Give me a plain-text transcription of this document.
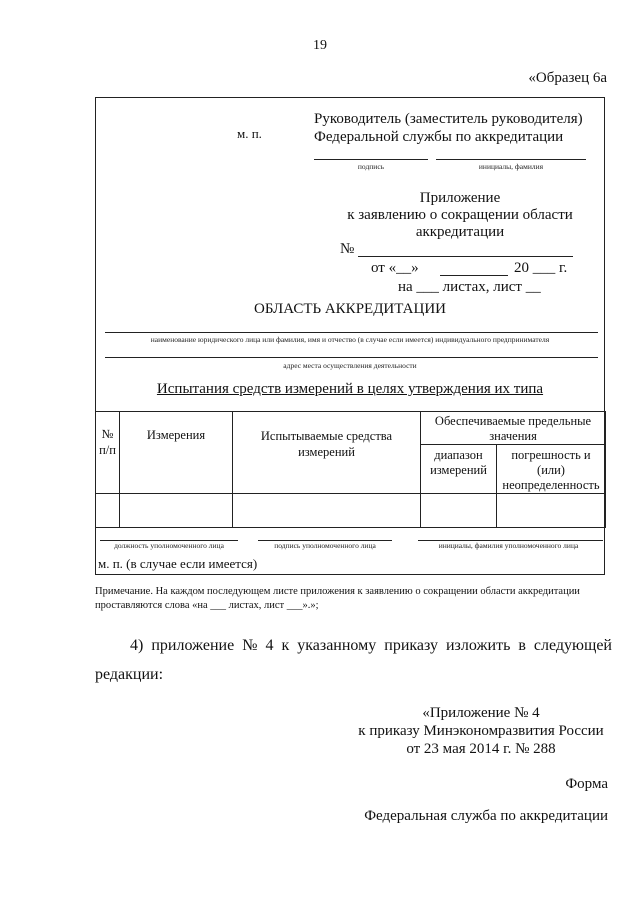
19
«Образец 6а
м. п.
Руководитель (заместитель руководителя)
Федеральной службы по аккредитации
подпись	инициалы, фамилия
Приложение
к заявлению о сокращении области
аккредитации
№
от «__»	20 ___ г.
на ___ листах, лист __
ОБЛАСТЬ АККРЕДИТАЦИИ
наименование юридического лица или фамилия, имя и отчество (в случае если имеется) индивидуального предпринимателя
адрес места осуществления деятельности
Испытания средств измерений в целях утверждения их типа
№ п/п	Измерения	Испытываемые средства измерений	Обеспечиваемые предельные значения	
			диапазон измерений	погрешность и (или) неопределенность

должность уполномоченного лица	подпись уполномоченного лица	инициалы, фамилия уполномоченного лица
м. п. (в случае если имеется)
Примечание. На каждом последующем листе приложения к заявлению о сокращении области аккредитации
проставляются слова «на ___ листах, лист ___».»;
4)  приложение  №  4  к  указанному  приказу  изложить  в  следующей
редакции:
«Приложение № 4
к приказу Минэкономразвития России
от 23 мая 2014 г. № 288
Форма
Федеральная служба по аккредитации
